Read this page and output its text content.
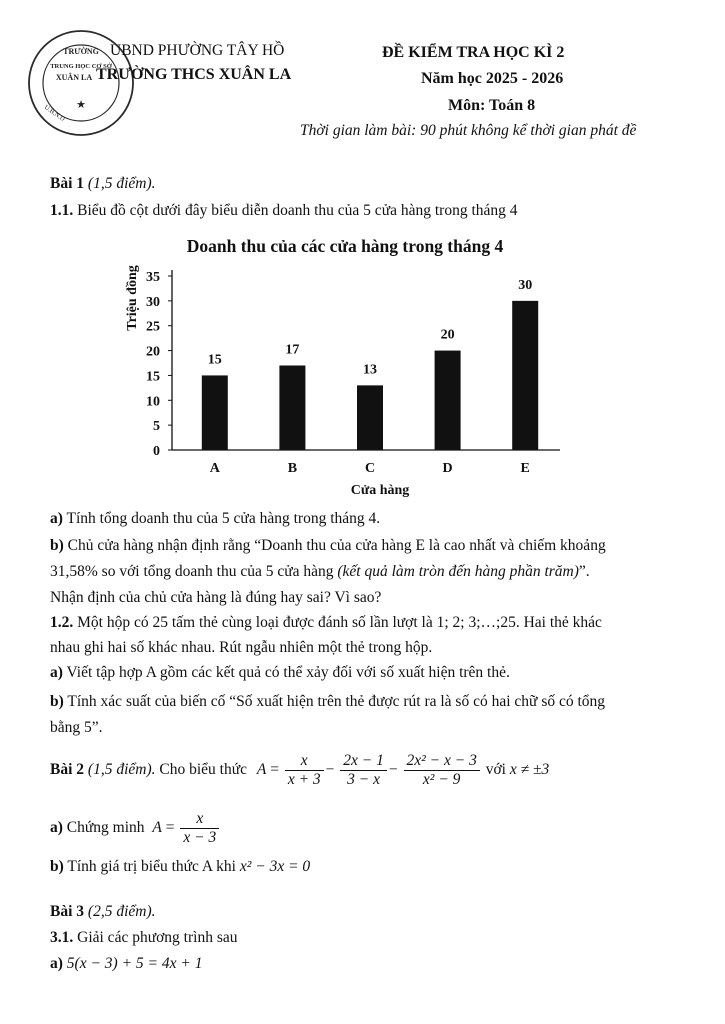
TRƯỜNG
TRUNG HỌC CƠ SỞ
XUÂN LA
U.B.N.D ★
UBND PHƯỜNG TÂY HỒ
TRƯỜNG THCS XUÂN LA
ĐỀ KIỂM TRA HỌC KÌ 2
Năm học 2025 - 2026
Môn: Toán 8
Thời gian làm bài: 90 phút không kể thời gian phát đề
Bài 1 (1,5 điểm).
1.1. Biểu đồ cột dưới đây biểu diễn doanh thu của 5 cửa hàng trong tháng 4
Doanh thu của các cửa hàng trong tháng 4
Triệu đồng
Cửa hàng
0
5
10
15
20
25
30
35
15
A
17
B
13
C
20
D
30
E
a) Tính tổng doanh thu của 5 cửa hàng trong tháng 4.
b) Chủ cửa hàng nhận định rằng “Doanh thu của cửa hàng E là cao nhất và chiếm khoảng
31,58% so với tổng doanh thu của 5 cửa hàng (kết quả làm tròn đến hàng phần trăm)”.
Nhận định của chủ cửa hàng là đúng hay sai? Vì sao?
1.2. Một hộp có 25 tấm thẻ cùng loại được đánh số lần lượt là 1; 2; 3;…;25. Hai thẻ khác
nhau ghi hai số khác nhau. Rút ngẫu nhiên một thẻ trong hộp.
a) Viết tập hợp A gồm các kết quả có thể xảy đối với số xuất hiện trên thẻ.
b) Tính xác suất của biến cố “Số xuất hiện trên thẻ được rút ra là số có hai chữ số có tổng
bằng 5”.
Bài 2 (1,5 điểm). Cho biểu thức $A = \frac{x}{x + 3} - \frac{2x - 1}{3 - x} - \frac{\text{2x² − x − 3}}{\text{x² − 9}}$ với x ≠ ±3
a) Chứng minh $A = \frac{x}{x - 3}$
b) Tính giá trị biểu thức A khi x² − 3x = 0
Bài 3 (2,5 điểm).
3.1. Giải các phương trình sau
a) 5(x − 3) + 5 = 4x + 1
